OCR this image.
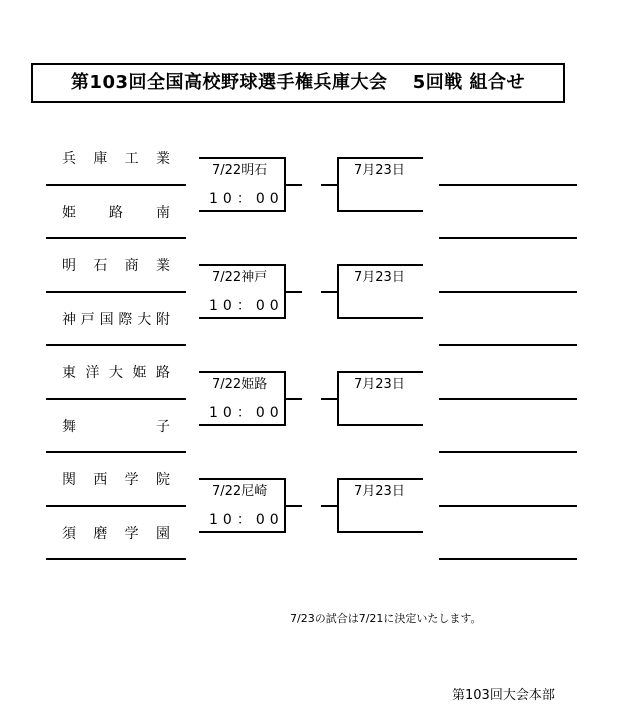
第103回全国高校野球選手権兵庫大会　 5回戦 組合せ
兵 庫 工 業
姫 路 南
7/22明石
10：00
7月23日
明 石 商 業
神 戸 国 際 大 附
7/22神戸
10：00
7月23日
東 洋 大 姫 路
舞	子
7/22姫路
10：00
7月23日
関 西 学 院
須 磨 学 園
7/22尼崎
10：00
7月23日
7/23の試合は7/21に決定いたします。
第103回大会本部
